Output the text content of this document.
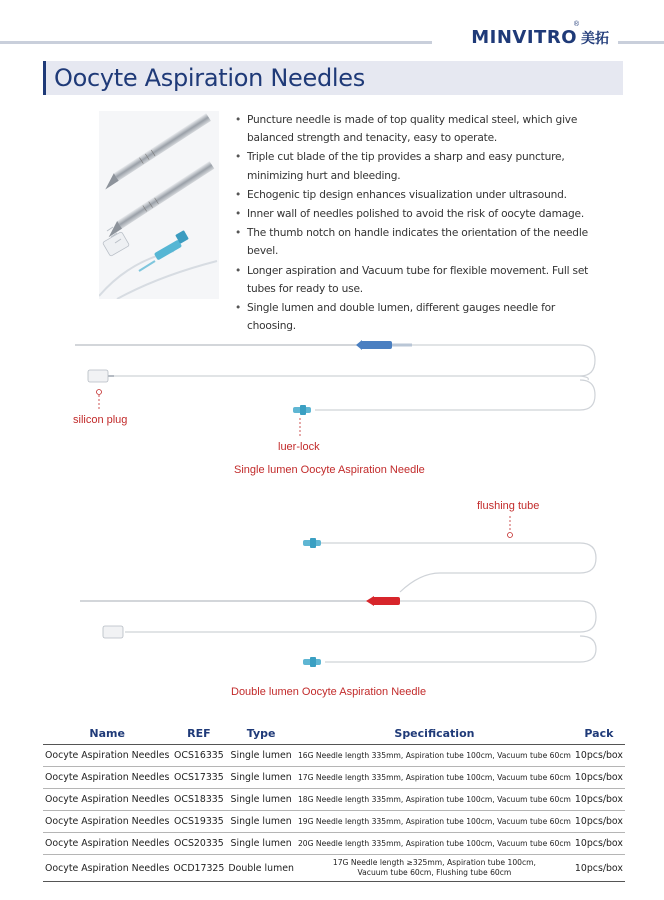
MINVITRO 美拓
®
Oocyte Aspiration Needles
• Puncture needle is made of top quality medical steel, which give balanced strength and tenacity, easy to operate.
• Triple cut blade of the tip provides a sharp and easy puncture, minimizing hurt and bleeding.
• Echogenic tip design enhances visualization under ultrasound.
• Inner wall of needles polished to avoid the risk of oocyte damage.
• The thumb notch on handle indicates the orientation of the needle bevel.
• Longer aspiration and Vacuum tube for flexible movement. Full set tubes for ready to use.
• Single lumen and double lumen, different gauges needle for choosing.
silicon plug
luer-lock
Single lumen Oocyte Aspiration Needle
flushing tube
Double lumen Oocyte Aspiration Needle
Name	REF	Type	Specification	Pack
Oocyte Aspiration Needles	OCS16335	Single lumen	16G Needle length 335mm, Aspiration tube 100cm, Vacuum tube 60cm	10pcs/box
Oocyte Aspiration Needles	OCS17335	Single lumen	17G Needle length 335mm, Aspiration tube 100cm, Vacuum tube 60cm	10pcs/box
Oocyte Aspiration Needles	OCS18335	Single lumen	18G Needle length 335mm, Aspiration tube 100cm, Vacuum tube 60cm	10pcs/box
Oocyte Aspiration Needles	OCS19335	Single lumen	19G Needle length 335mm, Aspiration tube 100cm, Vacuum tube 60cm	10pcs/box
Oocyte Aspiration Needles	OCS20335	Single lumen	20G Needle length 335mm, Aspiration tube 100cm, Vacuum tube 60cm	10pcs/box
Oocyte Aspiration Needles	OCD17325	Double lumen	17G Needle length ≥325mm, Aspiration tube 100cm,
Vacuum tube 60cm, Flushing tube 60cm	10pcs/box
